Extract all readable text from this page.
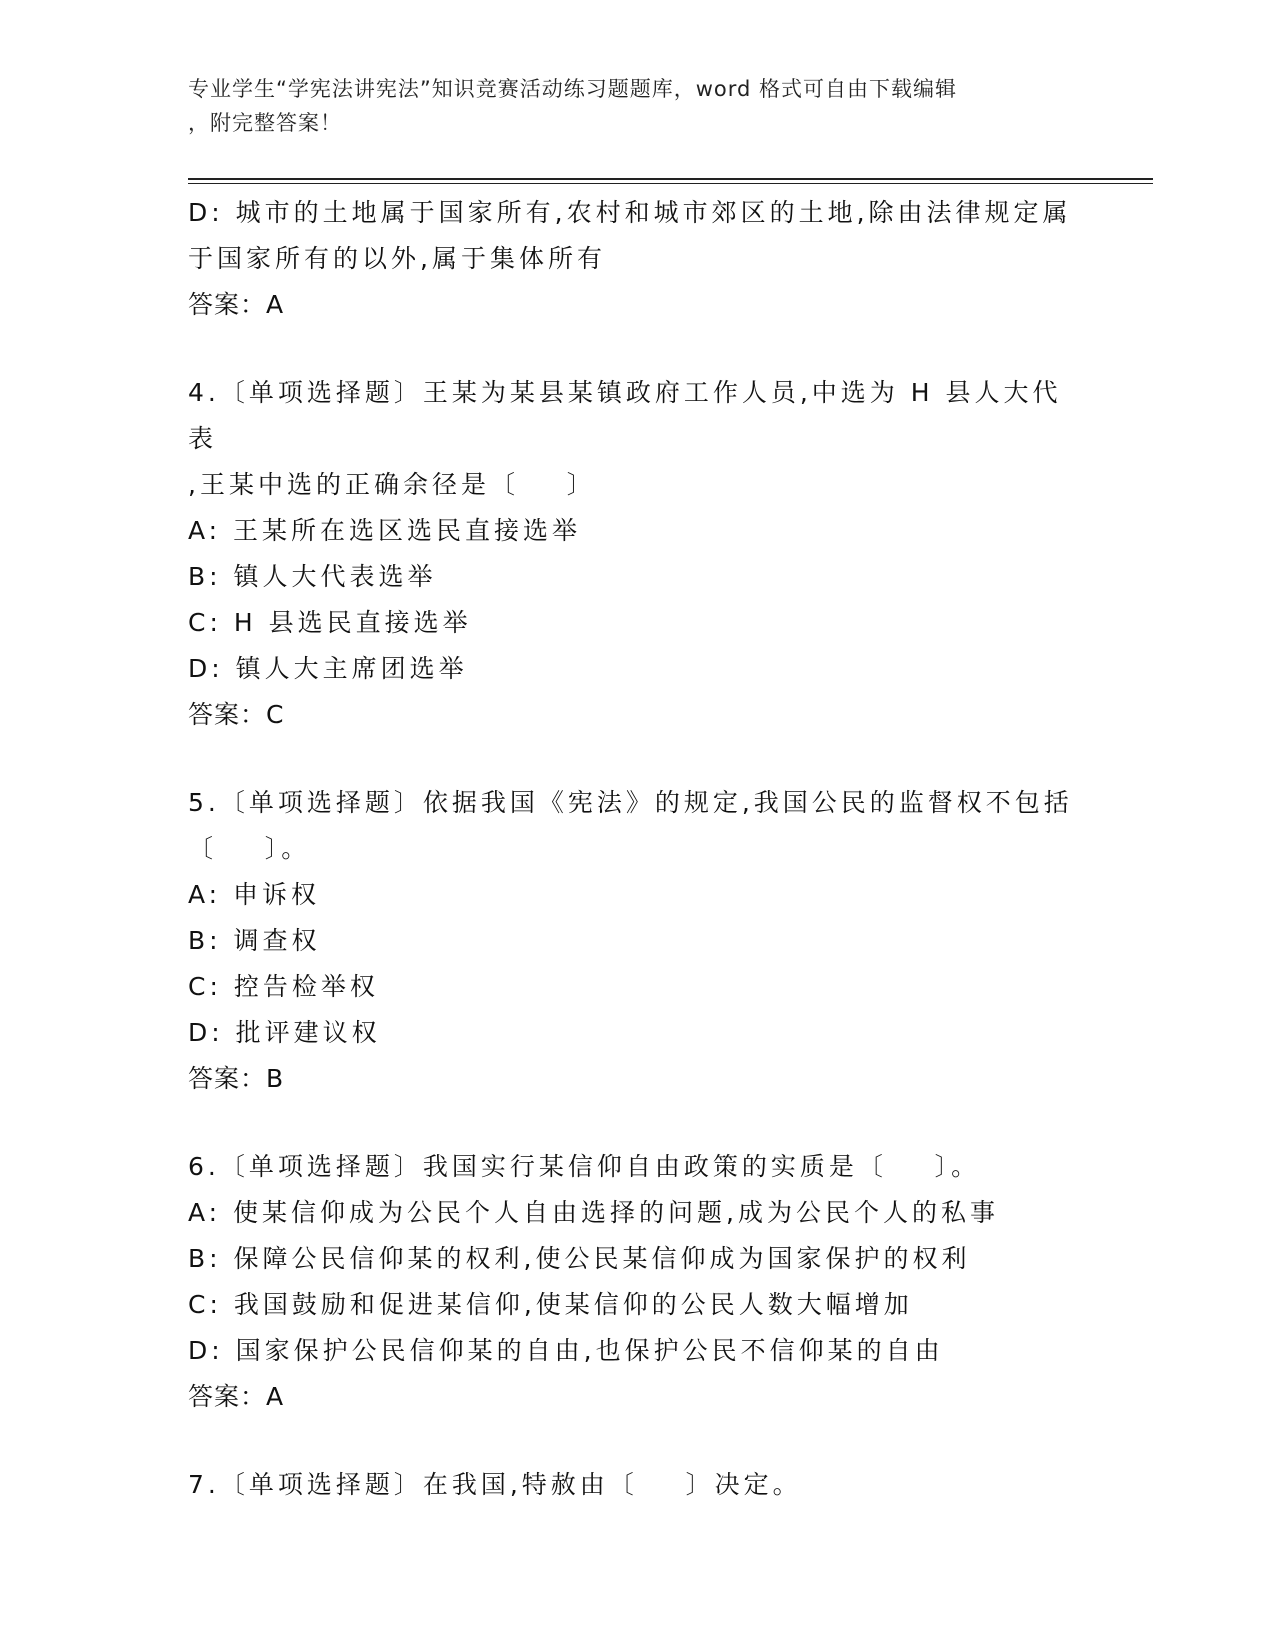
专业学生“学宪法讲宪法”知识竞赛活动练习题题库，word 格式可自由下载编辑
，附完整答案！
D: 城市的土地属于国家所有,农村和城市郊区的土地,除由法律规定属
于国家所有的以外,属于集体所有
答案：A
4.〔单项选择题〕王某为某县某镇政府工作人员,中选为 H 县人大代表
,王某中选的正确余径是〔    〕
A: 王某所在选区选民直接选举
B: 镇人大代表选举
C: H 县选民直接选举
D: 镇人大主席团选举
答案：C
5.〔单项选择题〕依据我国《宪法》的规定,我国公民的监督权不包括
〔    〕。
A: 申诉权
B: 调查权
C: 控告检举权
D: 批评建议权
答案：B
6.〔单项选择题〕我国实行某信仰自由政策的实质是〔    〕。
A: 使某信仰成为公民个人自由选择的问题,成为公民个人的私事
B: 保障公民信仰某的权利,使公民某信仰成为国家保护的权利
C: 我国鼓励和促进某信仰,使某信仰的公民人数大幅增加
D: 国家保护公民信仰某的自由,也保护公民不信仰某的自由
答案：A
7.〔单项选择题〕在我国,特赦由〔    〕决定。
